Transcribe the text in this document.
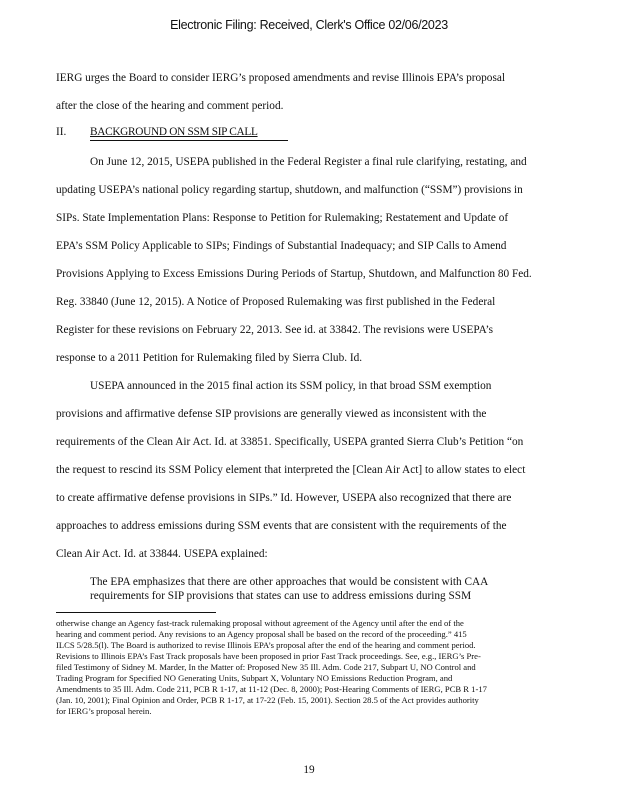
Electronic Filing: Received, Clerk's Office 02/06/2023
IERG urges the Board to consider IERG’s proposed amendments and revise Illinois EPA’s proposal
after the close of the hearing and comment period.
II. BACKGROUND ON SSM SIP CALL
On June 12, 2015, USEPA published in the Federal Register a final rule clarifying, restating, and
updating USEPA’s national policy regarding startup, shutdown, and malfunction (“SSM”) provisions in
SIPs. State Implementation Plans: Response to Petition for Rulemaking; Restatement and Update of
EPA’s SSM Policy Applicable to SIPs; Findings of Substantial Inadequacy; and SIP Calls to Amend
Provisions Applying to Excess Emissions During Periods of Startup, Shutdown, and Malfunction 80 Fed.
Reg. 33840 (June 12, 2015). A Notice of Proposed Rulemaking was first published in the Federal
Register for these revisions on February 22, 2013. See id. at 33842. The revisions were USEPA’s
response to a 2011 Petition for Rulemaking filed by Sierra Club. Id.
USEPA announced in the 2015 final action its SSM policy, in that broad SSM exemption
provisions and affirmative defense SIP provisions are generally viewed as inconsistent with the
requirements of the Clean Air Act. Id. at 33851. Specifically, USEPA granted Sierra Club’s Petition “on
the request to rescind its SSM Policy element that interpreted the [Clean Air Act] to allow states to elect
to create affirmative defense provisions in SIPs.” Id. However, USEPA also recognized that there are
approaches to address emissions during SSM events that are consistent with the requirements of the
Clean Air Act. Id. at 33844. USEPA explained:
The EPA emphasizes that there are other approaches that would be consistent with CAA
requirements for SIP provisions that states can use to address emissions during SSM
otherwise change an Agency fast-track rulemaking proposal without agreement of the Agency until after the end of the
hearing and comment period. Any revisions to an Agency proposal shall be based on the record of the proceeding.” 415
ILCS 5/28.5(l). The Board is authorized to revise Illinois EPA’s proposal after the end of the hearing and comment period.
Revisions to Illinois EPA’s Fast Track proposals have been proposed in prior Fast Track proceedings. See, e.g., IERG’s Pre-
filed Testimony of Sidney M. Marder, In the Matter of: Proposed New 35 Ill. Adm. Code 217, Subpart U, NO Control and
Trading Program for Specified NO Generating Units, Subpart X, Voluntary NO Emissions Reduction Program, and
Amendments to 35 Ill. Adm. Code 211, PCB R 1-17, at 11-12 (Dec. 8, 2000); Post-Hearing Comments of IERG, PCB R 1-17
(Jan. 10, 2001); Final Opinion and Order, PCB R 1-17, at 17-22 (Feb. 15, 2001). Section 28.5 of the Act provides authority
for IERG’s proposal herein.
19
